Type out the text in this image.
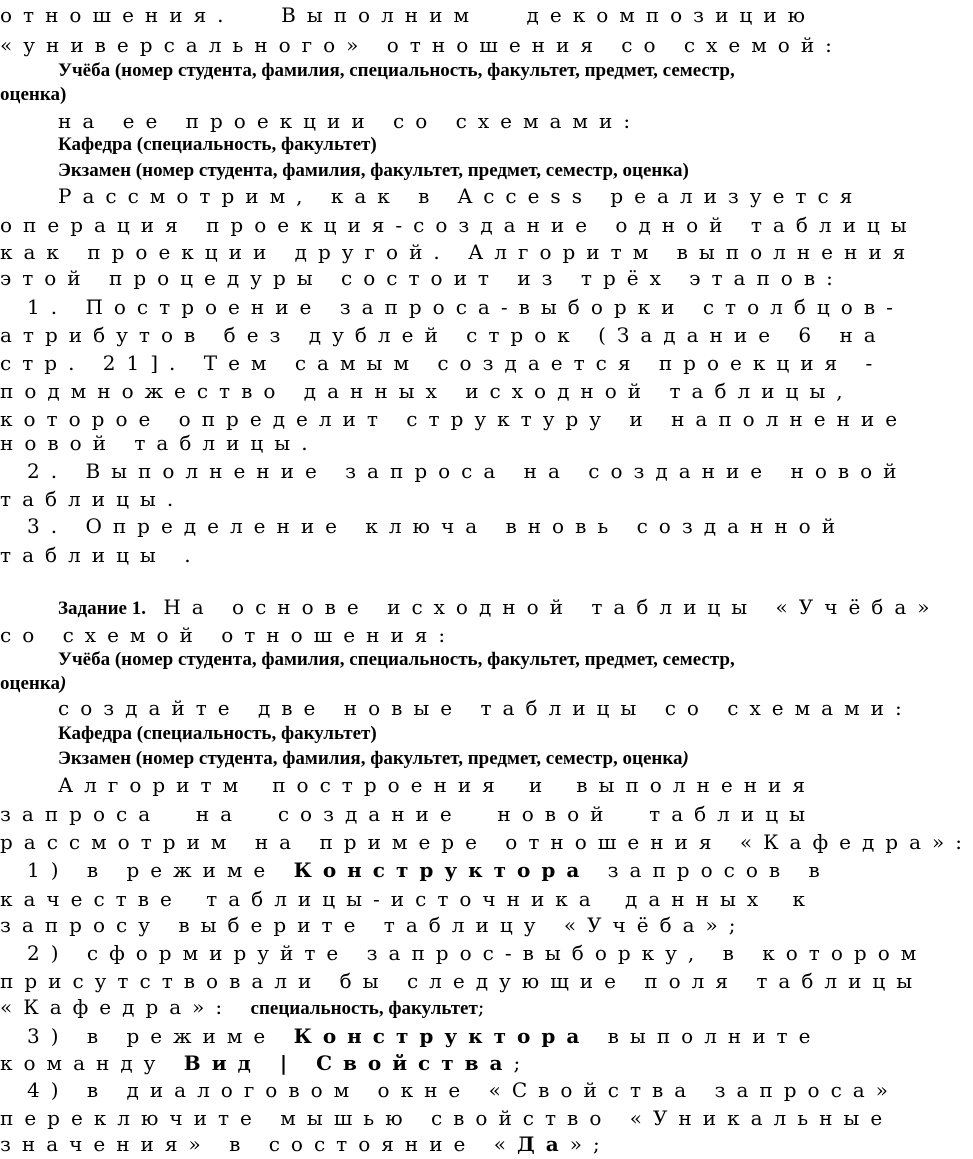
отношения. Выполним декомпозицию
«универсального» отношения со схемой:
Учёба (номер студента, фамилия, специальность, факультет, предмет, семестр,
оценка)
на ее проекции со схемами:
Кафедра (специальность, факультет)
Экзамен (номер студента, фамилия, факультет, предмет, семестр, оценка)
Рассмотрим, как в Access реализуется
операция проекция-создание одной таблицы
как проекции другой. Алгоритм выполнения
этой процедуры состоит из трёх этапов:
1. Построение запроса-выборки столбцов-
атрибутов без дублей строк (Задание 6 на
стр. 21]. Тем самым создается проекция -
подмножество данных исходной таблицы,
которое определит структуру и наполнение
новой таблицы.
2. Выполнение запроса на создание новой
таблицы.
3. Определение ключа вновь созданной
таблицы .
Задание 1. На основе исходной таблицы «Учёба»
со схемой отношения:
Учёба (номер студента, фамилия, специальность, факультет, предмет, семестр,
оценка)
создайте две новые таблицы со схемами:
Кафедра (специальность, факультет)
Экзамен (номер студента, фамилия, факультет, предмет, семестр, оценка)
Алгоритм построения и выполнения
запроса на создание новой таблицы
рассмотрим на примере отношения «Кафедра»:
1) в режиме Конструктора запросов в
качестве таблицы-источника данных к
запросу выберите таблицу «Учёба»;
2) сформируйте запрос-выборку, в котором
присутствовали бы следующие поля таблицы
«Кафедра»: специальность, факультет;
3) в режиме Конструктора выполните
команду Вид | Свойства;
4) в диалоговом окне «Свойства запроса»
переключите мышью свойство «Уникальные
значения» в состояние «Да»;
